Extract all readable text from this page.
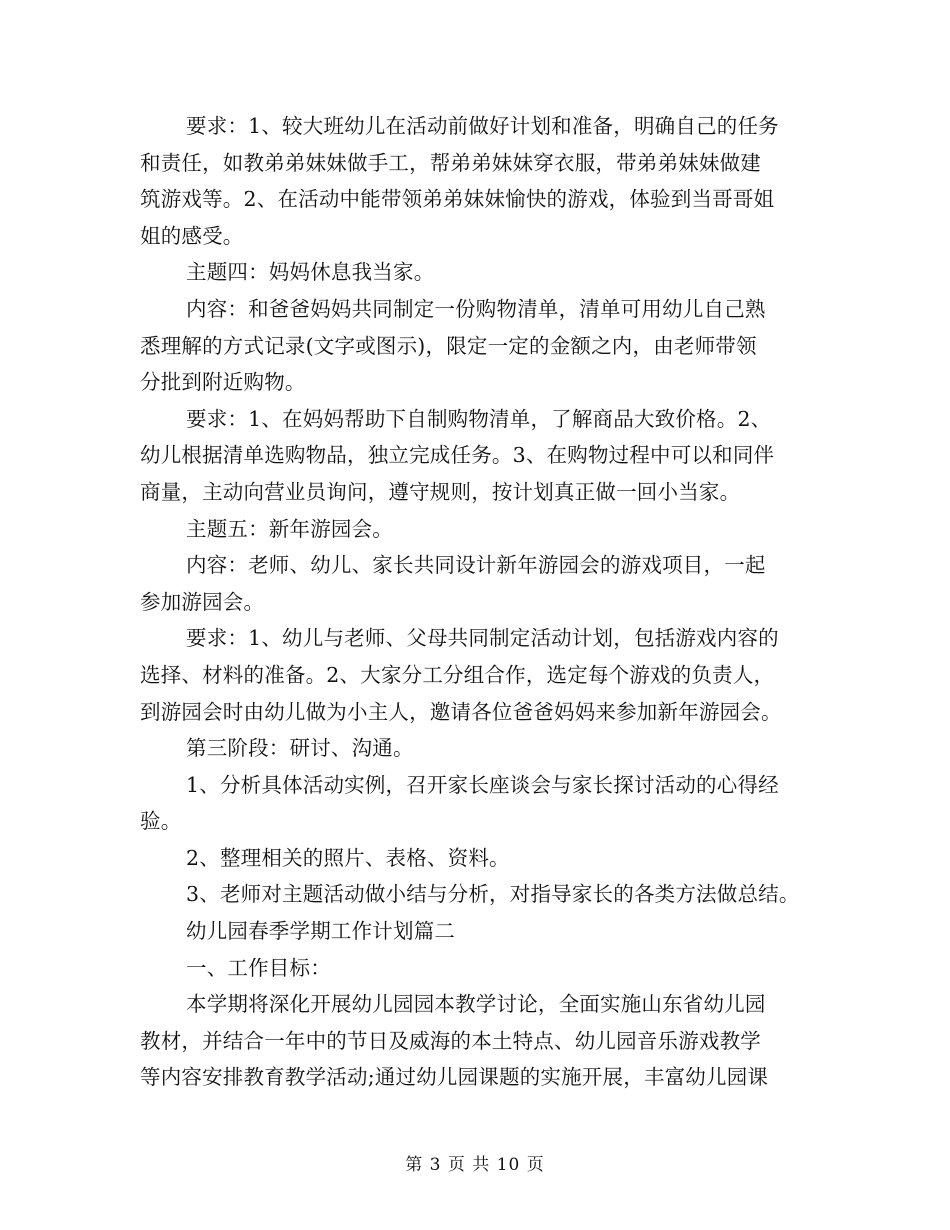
要求：1、较大班幼儿在活动前做好计划和准备，明确自己的任务
和责任，如教弟弟妹妹做手工，帮弟弟妹妹穿衣服，带弟弟妹妹做建
筑游戏等。2、在活动中能带领弟弟妹妹愉快的游戏，体验到当哥哥姐
姐的感受。
主题四：妈妈休息我当家。
内容：和爸爸妈妈共同制定一份购物清单，清单可用幼儿自己熟
悉理解的方式记录(文字或图示)，限定一定的金额之内，由老师带领
分批到附近购物。
要求：1、在妈妈帮助下自制购物清单，了解商品大致价格。2、
幼儿根据清单选购物品，独立完成任务。3、在购物过程中可以和同伴
商量，主动向营业员询问，遵守规则，按计划真正做一回小当家。
主题五：新年游园会。
内容：老师、幼儿、家长共同设计新年游园会的游戏项目，一起
参加游园会。
要求：1、幼儿与老师、父母共同制定活动计划，包括游戏内容的
选择、材料的准备。2、大家分工分组合作，选定每个游戏的负责人，
到游园会时由幼儿做为小主人，邀请各位爸爸妈妈来参加新年游园会。
第三阶段：研讨、沟通。
1、分析具体活动实例，召开家长座谈会与家长探讨活动的心得经
验。
2、整理相关的照片、表格、资料。
3、老师对主题活动做小结与分析，对指导家长的各类方法做总结。
幼儿园春季学期工作计划篇二
一、工作目标：
本学期将深化开展幼儿园园本教学讨论，全面实施山东省幼儿园
教材，并结合一年中的节日及威海的本土特点、幼儿园音乐游戏教学
等内容安排教育教学活动;通过幼儿园课题的实施开展，丰富幼儿园课
第 3 页 共 10 页
